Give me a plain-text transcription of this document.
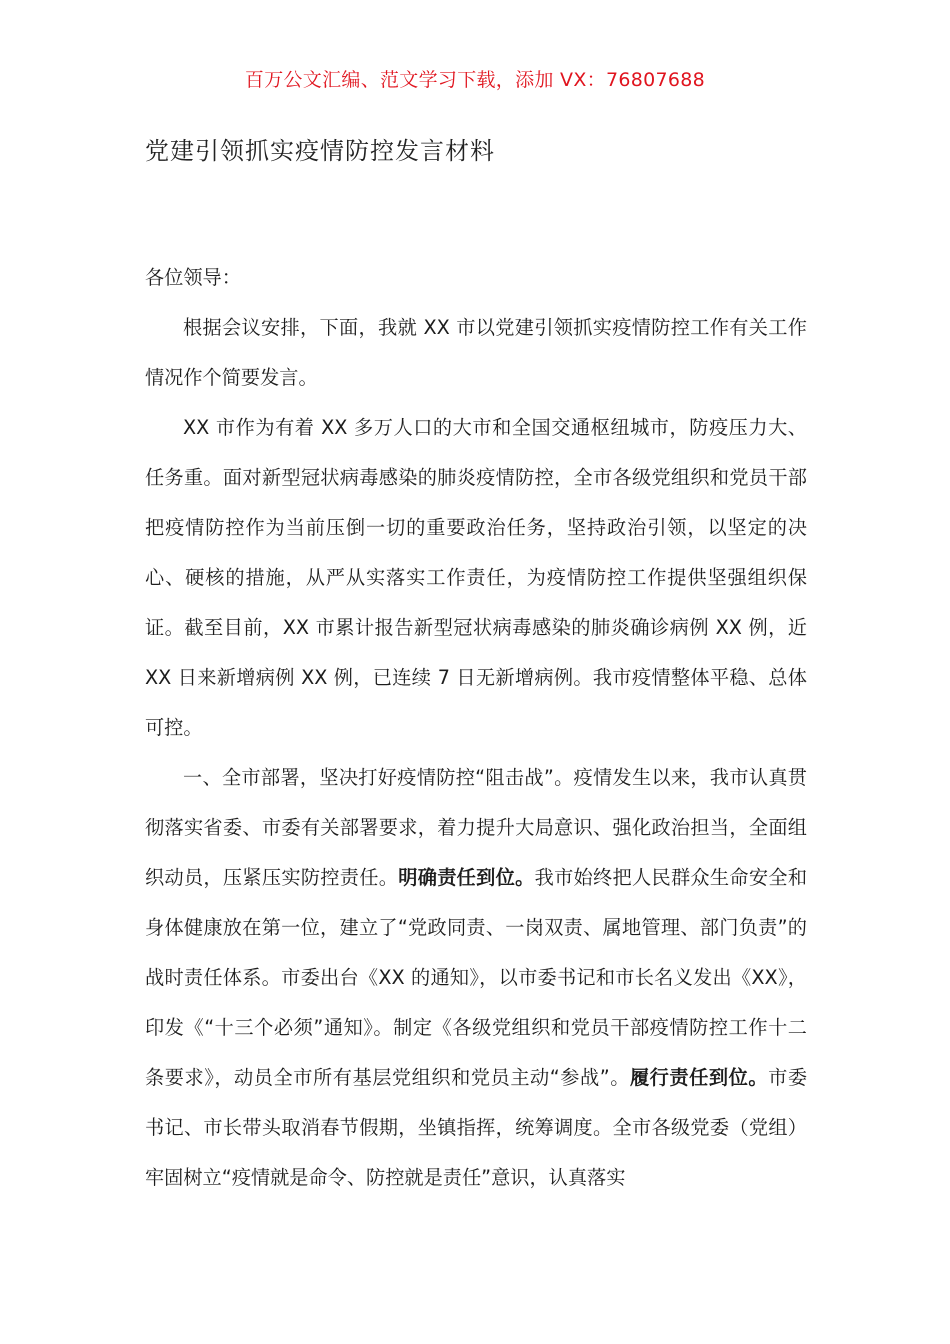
百万公文汇编、范文学习下载，添加 VX：76807688
党建引领抓实疫情防控发言材料

各位领导：

根据会议安排，下面，我就 XX 市以党建引领抓实疫情防控工作有关工作情况作个简要发言。

XX 市作为有着 XX 多万人口的大市和全国交通枢纽城市，防疫压力大、任务重。面对新型冠状病毒感染的肺炎疫情防控，全市各级党组织和党员干部把疫情防控作为当前压倒一切的重要政治任务，坚持政治引领，以坚定的决心、硬核的措施，从严从实落实工作责任，为疫情防控工作提供坚强组织保证。截至目前，XX 市累计报告新型冠状病毒感染的肺炎确诊病例 XX 例，近 XX 日来新增病例 XX 例，已连续 7 日无新增病例。我市疫情整体平稳、总体可控。

一、全市部署，坚决打好疫情防控“阻击战”。疫情发生以来，我市认真贯彻落实省委、市委有关部署要求，着力提升大局意识、强化政治担当，全面组织动员，压紧压实防控责任。明确责任到位。我市始终把人民群众生命安全和身体健康放在第一位，建立了“党政同责、一岗双责、属地管理、部门负责”的战时责任体系。市委出台《XX 的通知》，以市委书记和市长名义发出《XX》，印发《“十三个必须”通知》。制定《各级党组织和党员干部疫情防控工作十二条要求》，动员全市所有基层党组织和党员主动“参战”。履行责任到位。市委书记、市长带头取消春节假期，坐镇指挥，统筹调度。全市各级党委（党组）牢固树立“疫情就是命令、防控就是责任”意识，认真落实
